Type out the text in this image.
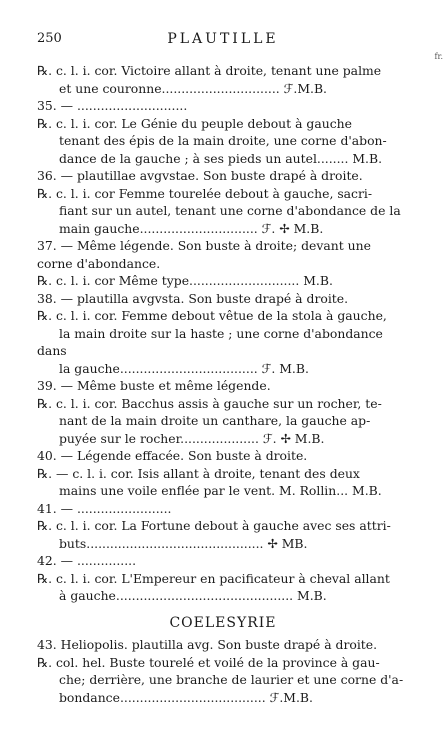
250	PLAUTILLE
fr.

℞. c. l. i. cor. Victoire allant à droite, tenant une palme
et une couronne.............................. ℱ.M.B.

35. — ............................

℞. c. l. i. cor. Le Génie du peuple debout à gauche
tenant des épis de la main droite, une corne d'abon-
dance de la gauche ; à ses pieds un autel........ M.B.

36. — plautillae avgvstae. Son buste drapé à droite.

℞. c. l. i. cor Femme tourelée debout à gauche, sacri-
fiant sur un autel, tenant une corne d'abondance de la
main gauche.............................. ℱ. ✢ M.B.

37. — Même légende. Son buste à droite; devant une
corne d'abondance.

℞. c. l. i. cor Même type............................ M.B.

38. — plautilla avgvsta. Son buste drapé à droite.

℞. c. l. i. cor. Femme debout vêtue de la stola à gauche,
la main droite sur la haste ; une corne d'abondance dans
la gauche................................... ℱ. M.B.

39. — Même buste et même légende.

℞. c. l. i. cor. Bacchus assis à gauche sur un rocher, te-
nant de la main droite un canthare, la gauche ap-
puyée sur le rocher.................... ℱ. ✢ M.B.

40. — Légende effacée. Son buste à droite.

℞. — c. l. i. cor. Isis allant à droite, tenant des deux
mains une voile enflée par le vent. M. Rollin... M.B.

41. — ........................

℞. c. l. i. cor. La Fortune debout à gauche avec ses attri-
buts............................................. ✢ MB.

42. — ...............

℞. c. l. i. cor. L'Empereur en pacificateur à cheval allant
à gauche............................................. M.B.

COELESYRIE

43. Heliopolis. plautilla avg. Son buste drapé à droite.

℞. col. hel. Buste tourelé et voilé de la province à gau-
che; derrière, une branche de laurier et une corne d'a-
bondance..................................... ℱ.M.B.
